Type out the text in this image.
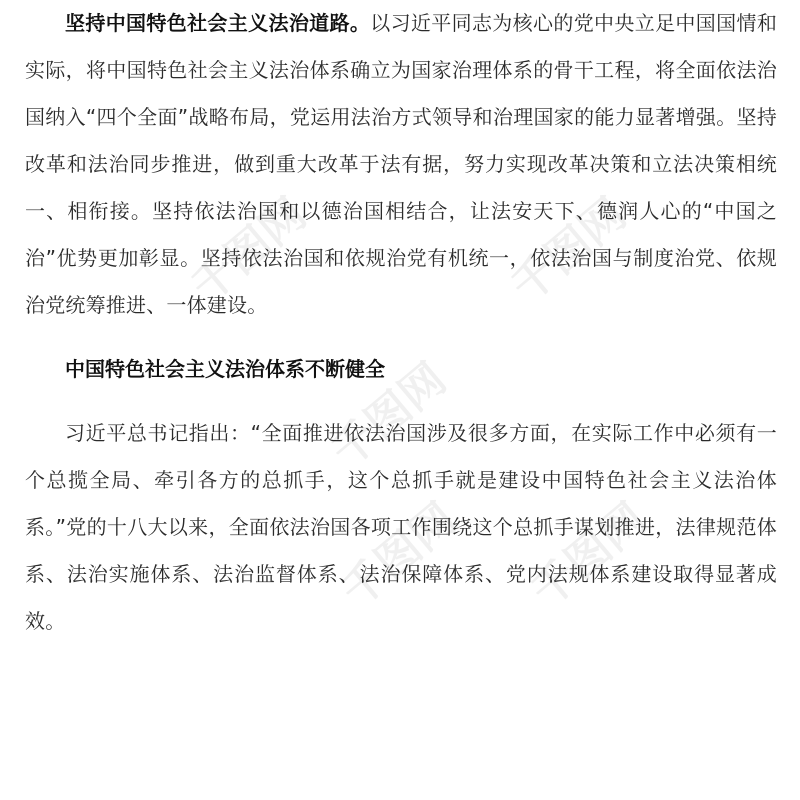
坚持中国特色社会主义法治道路。以习近平同志为核心的党中央立足中国国情和实际，将中国特色社会主义法治体系确立为国家治理体系的骨干工程，将全面依法治国纳入“四个全面”战略布局，党运用法治方式领导和治理国家的能力显著增强。坚持改革和法治同步推进，做到重大改革于法有据，努力实现改革决策和立法决策相统一、相衔接。坚持依法治国和以德治国相结合，让法安天下、德润人心的“中国之治”优势更加彰显。坚持依法治国和依规治党有机统一，依法治国与制度治党、依规治党统筹推进、一体建设。

中国特色社会主义法治体系不断健全

习近平总书记指出：“全面推进依法治国涉及很多方面，在实际工作中必须有一个总揽全局、牵引各方的总抓手，这个总抓手就是建设中国特色社会主义法治体系。”党的十八大以来，全面依法治国各项工作围绕这个总抓手谋划推进，法律规范体系、法治实施体系、法治监督体系、法治保障体系、党内法规体系建设取得显著成效。

千图网	千图网
千图网
千图网 千图网
